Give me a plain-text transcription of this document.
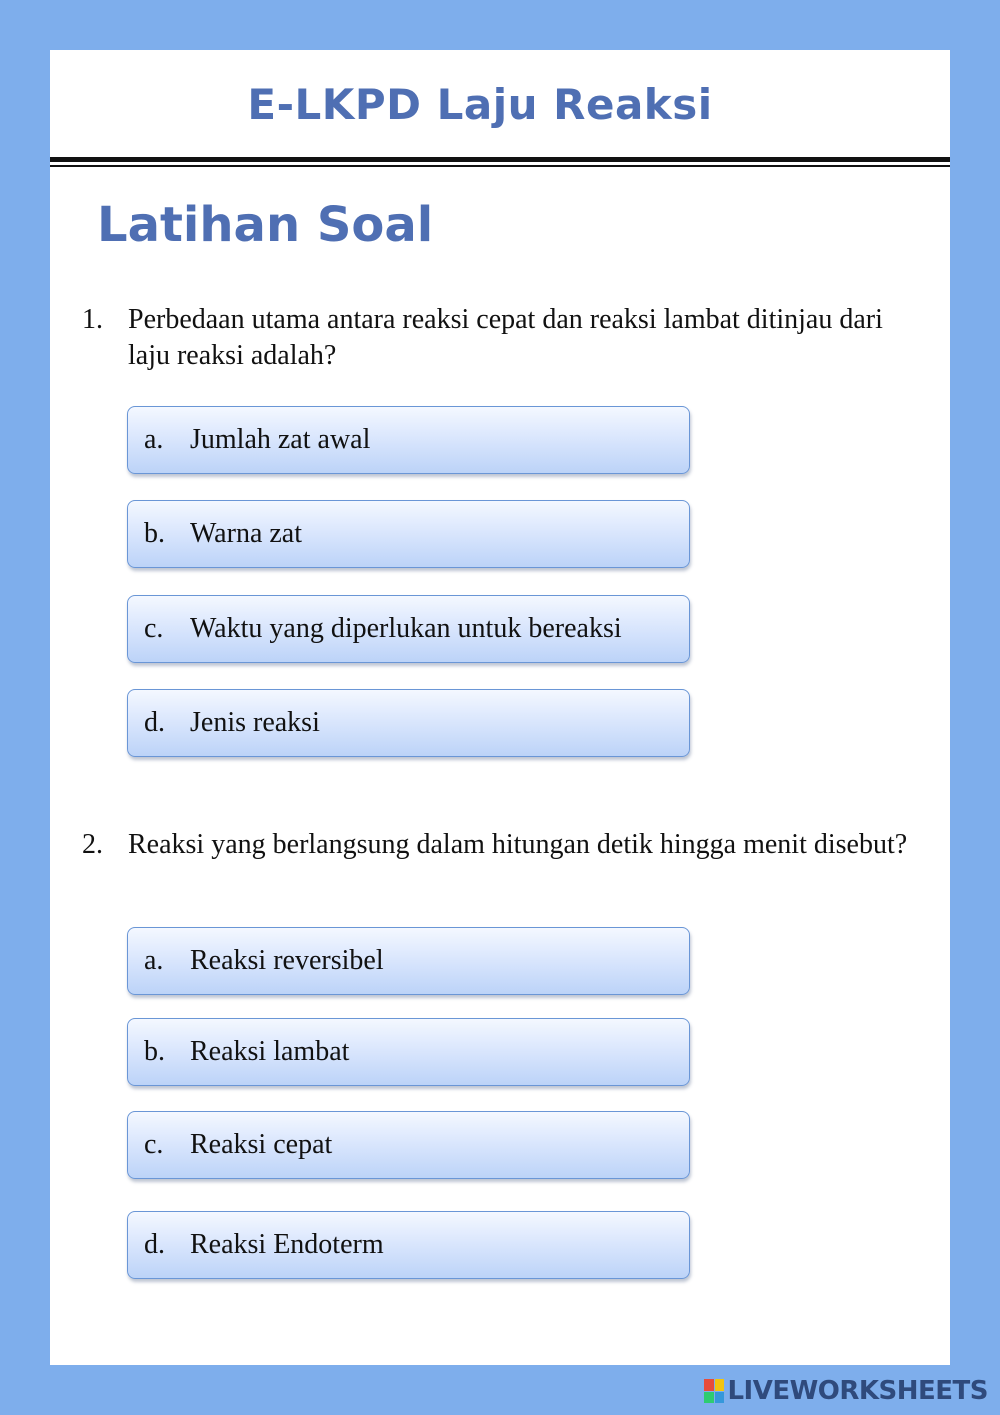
E-LKPD Laju Reaksi
Latihan Soal
1. Perbedaan utama antara reaksi cepat dan reaksi lambat ditinjau dari laju reaksi adalah?
a. Jumlah zat awal
b. Warna zat
c. Waktu yang diperlukan untuk bereaksi
d. Jenis reaksi
2. Reaksi yang berlangsung dalam hitungan detik hingga menit disebut?
a. Reaksi reversibel
b. Reaksi lambat
c. Reaksi cepat
d. Reaksi Endoterm
LIVEWORKSHEETS
